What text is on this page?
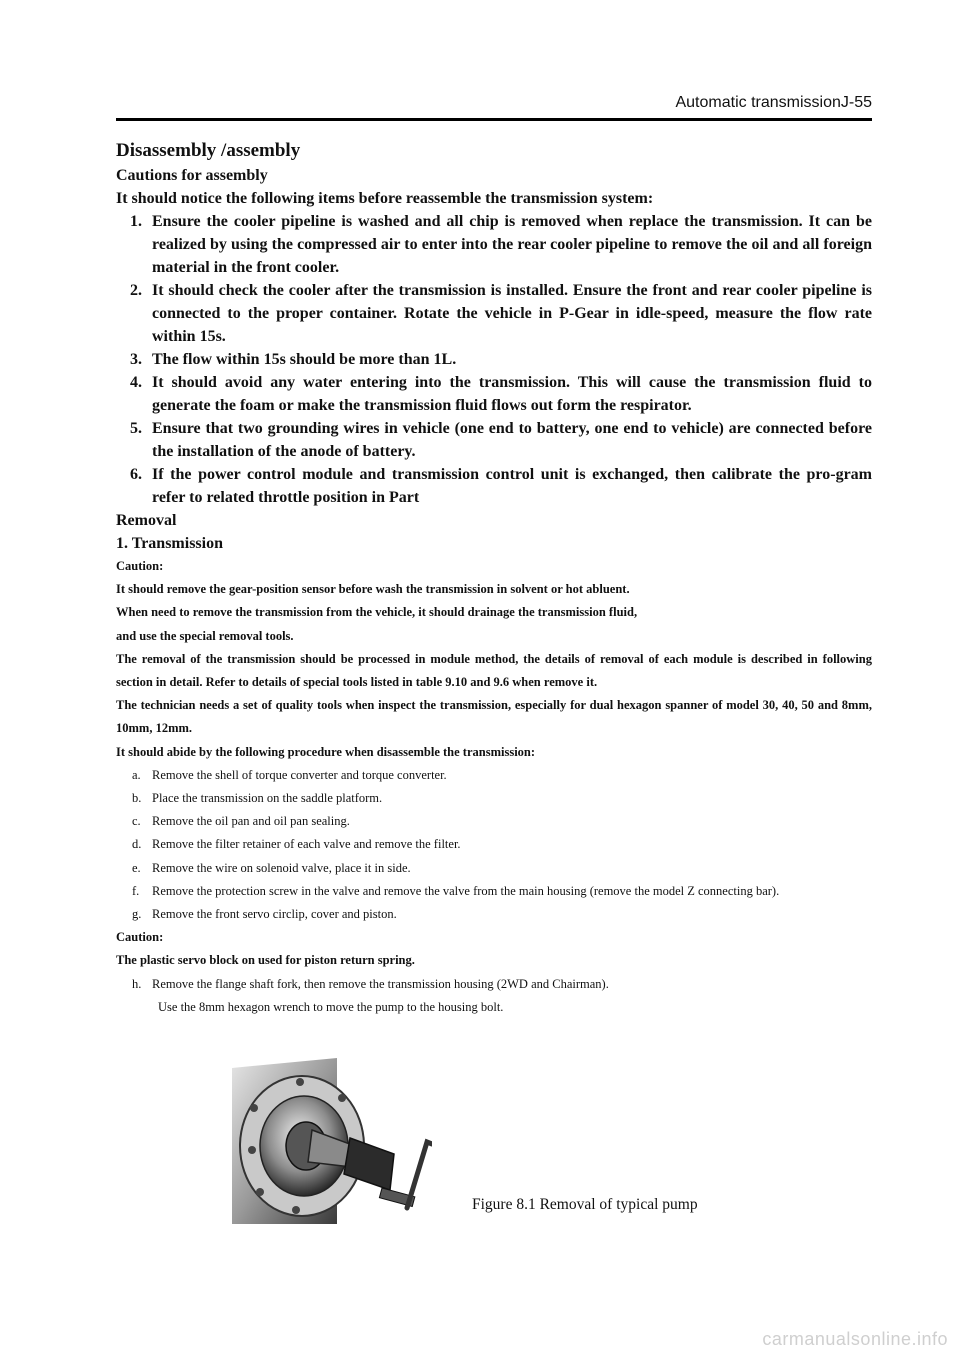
Automatic transmissionJ-55

Disassembly /assembly

Cautions for assembly

It should notice the following items before reassemble the transmission system:

1. Ensure the cooler pipeline is washed and all chip is removed when replace the transmission. It can be realized by using the compressed air to enter into the rear cooler pipeline to remove the oil and all foreign material in the front cooler.
2. It should check the cooler after the transmission is installed. Ensure the front and rear cooler pipeline is connected to the proper container. Rotate the vehicle in P-Gear in idle-speed, measure the flow rate within 15s.
3. The flow within 15s should be more than 1L.
4. It should avoid any water entering into the transmission. This will cause the transmission fluid to generate the foam or make the transmission fluid flows out form the respirator.
5. Ensure that two grounding wires in vehicle (one end to battery, one end to vehicle) are connected before the installation of the anode of battery.
6. If the power control module and transmission control unit is exchanged, then calibrate the pro-gram refer to related throttle position in Part

Removal

1. Transmission

Caution:

It should remove the gear-position sensor before wash the transmission in solvent or hot abluent.

When need to remove the transmission from the vehicle, it should drainage the transmission fluid,

and use the special removal tools.

The removal of the transmission should be processed in module method, the details of removal of each module is described in following section in detail. Refer to details of special tools listed in table 9.10 and 9.6 when remove it.

The technician needs a set of quality tools when inspect the transmission, especially for dual hexagon spanner of model 30, 40, 50 and 8mm, 10mm, 12mm.

It should abide by the following procedure when disassemble the transmission:

a. Remove the shell of torque converter and torque converter.
b. Place the transmission on the saddle platform.
c. Remove the oil pan and oil pan sealing.
d. Remove the filter retainer of each valve and remove the filter.
e. Remove the wire on solenoid valve, place it in side.
f. Remove the protection screw in the valve and remove the valve from the main housing (remove the model Z connecting bar).
g. Remove the front servo circlip, cover and piston.

Caution:

The plastic servo block on used for piston return spring.

h. Remove the flange shaft fork, then remove the transmission housing (2WD and Chairman).

Use the 8mm hexagon wrench to move the pump to the housing bolt.

Figure 8.1 Removal of typical pump
carmanualsonline.info
